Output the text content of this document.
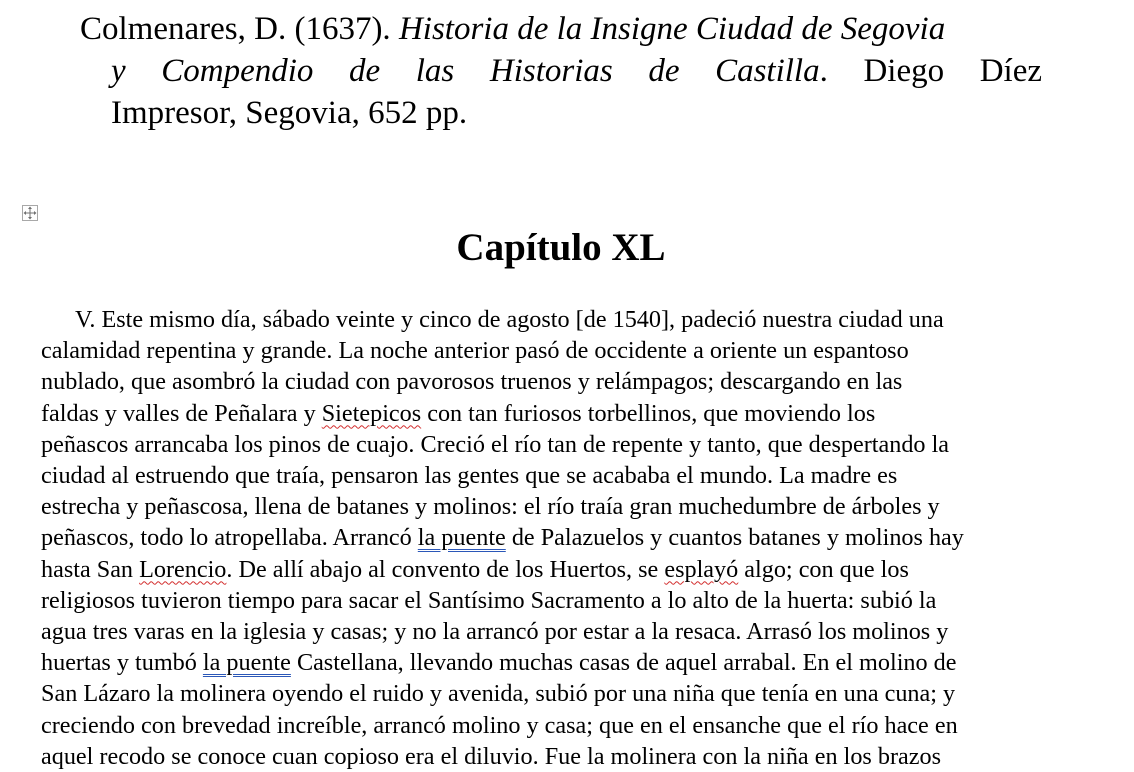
Colmenares, D. (1637). Historia de la Insigne Ciudad de Segovia
y Compendio de las Historias de Castilla. Diego Díez
Impresor, Segovia, 652 pp.
Capítulo XL
V. Este mismo día, sábado veinte y cinco de agosto [de 1540], padeció nuestra ciudad una
calamidad repentina y grande. La noche anterior pasó de occidente a oriente un espantoso
nublado, que asombró la ciudad con pavorosos truenos y relámpagos; descargando en las
faldas y valles de Peñalara y Sietepicos con tan furiosos torbellinos, que moviendo los
peñascos arrancaba los pinos de cuajo. Creció el río tan de repente y tanto, que despertando la
ciudad al estruendo que traía, pensaron las gentes que se acababa el mundo. La madre es
estrecha y peñascosa, llena de batanes y molinos: el río traía gran muchedumbre de árboles y
peñascos, todo lo atropellaba. Arrancó la puente de Palazuelos y cuantos batanes y molinos hay
hasta San Lorencio. De allí abajo al convento de los Huertos, se esplayó algo; con que los
religiosos tuvieron tiempo para sacar el Santísimo Sacramento a lo alto de la huerta: subió la
agua tres varas en la iglesia y casas; y no la arrancó por estar a la resaca. Arrasó los molinos y
huertas y tumbó la puente Castellana, llevando muchas casas de aquel arrabal. En el molino de
San Lázaro la molinera oyendo el ruido y avenida, subió por una niña que tenía en una cuna; y
creciendo con brevedad increíble, arrancó molino y casa; que en el ensanche que el río hace en
aquel recodo se conoce cuan copioso era el diluvio. Fue la molinera con la niña en los brazos
